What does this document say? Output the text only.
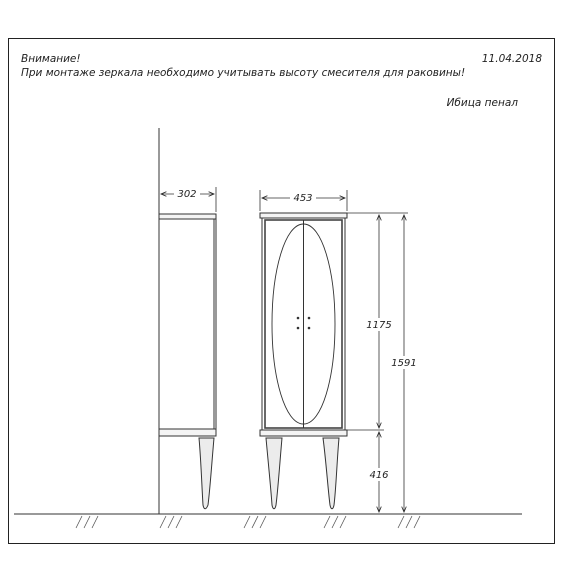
Внимание!
При монтаже зеркала необходимо учитывать высоту смесителя для раковины!
11.04.2018
Ибица пенал
302	453
1175
416
1591
